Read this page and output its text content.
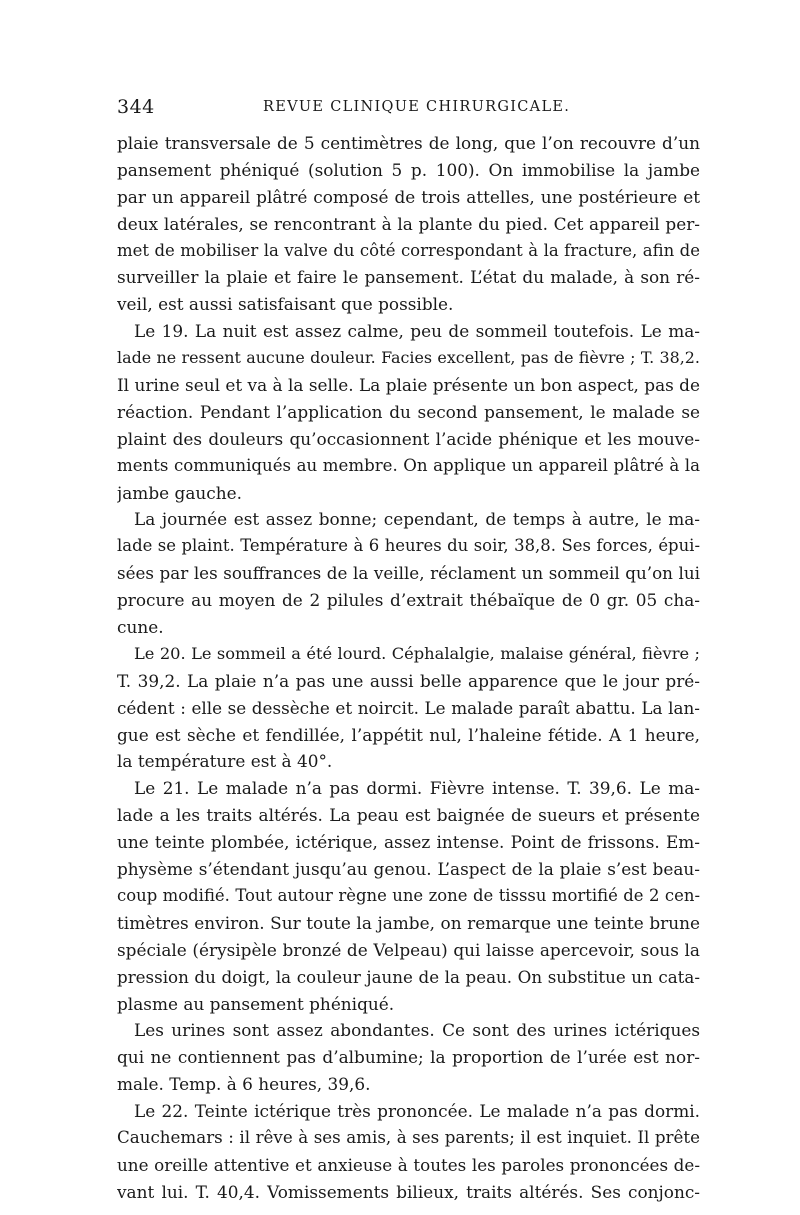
344	REVUE CLINIQUE CHIRURGICALE.
plaie transversale de 5 centimètres de long, que l’on recouvre d’un
pansement phéniqué (solution 5 p. 100). On immobilise la jambe
par un appareil plâtré composé de trois attelles, une postérieure et
deux latérales, se rencontrant à la plante du pied. Cet appareil per-
met de mobiliser la valve du côté correspondant à la fracture, afin de
surveiller la plaie et faire le pansement. L’état du malade, à son ré-
veil, est aussi satisfaisant que possible.
Le 19. La nuit est assez calme, peu de sommeil toutefois. Le ma-
lade ne ressent aucune douleur. Facies excellent, pas de fièvre ; T. 38,2.
Il urine seul et va à la selle. La plaie présente un bon aspect, pas de
réaction. Pendant l’application du second pansement, le malade se
plaint des douleurs qu’occasionnent l’acide phénique et les mouve-
ments communiqués au membre. On applique un appareil plâtré à la
jambe gauche.
La journée est assez bonne; cependant, de temps à autre, le ma-
lade se plaint. Température à 6 heures du soir, 38,8. Ses forces, épui-
sées par les souffrances de la veille, réclament un sommeil qu’on lui
procure au moyen de 2 pilules d’extrait thébaïque de 0 gr. 05 cha-
cune.
Le 20. Le sommeil a été lourd. Céphalalgie, malaise général, fièvre ;
T. 39,2. La plaie n’a pas une aussi belle apparence que le jour pré-
cédent : elle se dessèche et noircit. Le malade paraît abattu. La lan-
gue est sèche et fendillée, l’appétit nul, l’haleine fétide. A 1 heure,
la température est à 40°.
Le 21. Le malade n’a pas dormi. Fièvre intense. T. 39,6. Le ma-
lade a les traits altérés. La peau est baignée de sueurs et présente
une teinte plombée, ictérique, assez intense. Point de frissons. Em-
physème s’étendant jusqu’au genou. L’aspect de la plaie s’est beau-
coup modifié. Tout autour règne une zone de tisssu mortifié de 2 cen-
timètres environ. Sur toute la jambe, on remarque une teinte brune
spéciale (érysipèle bronzé de Velpeau) qui laisse apercevoir, sous la
pression du doigt, la couleur jaune de la peau. On substitue un cata-
plasme au pansement phéniqué.
Les urines sont assez abondantes. Ce sont des urines ictériques
qui ne contiennent pas d’albumine; la proportion de l’urée est nor-
male. Temp. à 6 heures, 39,6.
Le 22. Teinte ictérique très prononcée. Le malade n’a pas dormi.
Cauchemars : il rêve à ses amis, à ses parents; il est inquiet. Il prête
une oreille attentive et anxieuse à toutes les paroles prononcées de-
vant lui. T. 40,4. Vomissements bilieux, traits altérés. Ses conjonc-
